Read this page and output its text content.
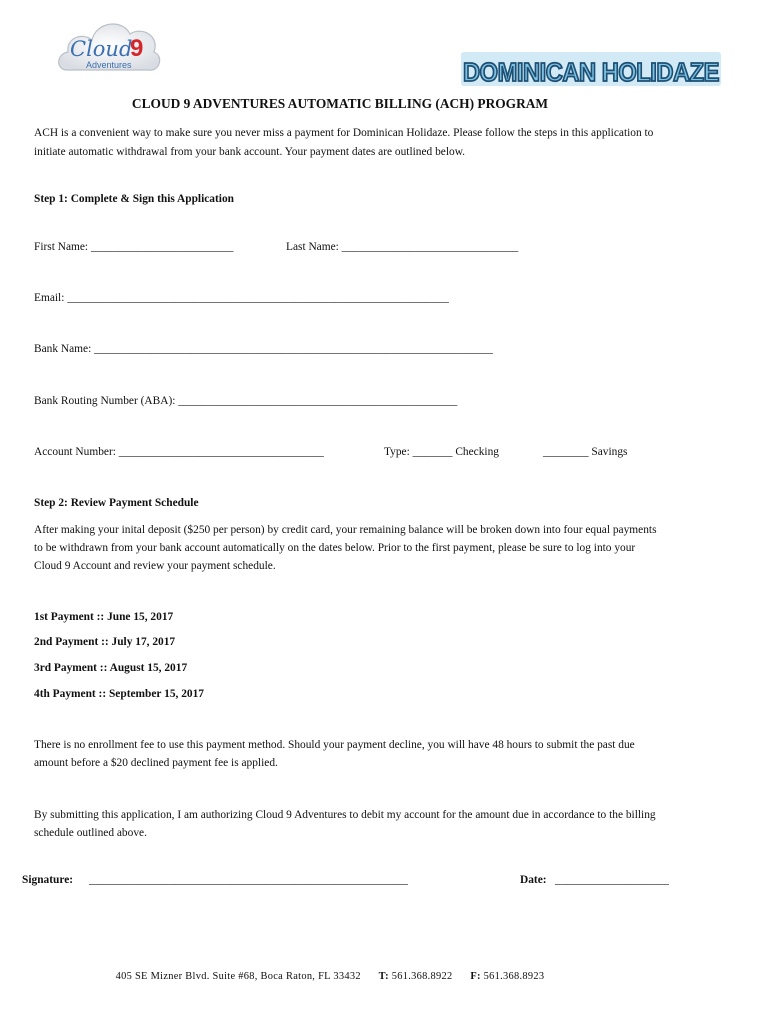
Cloud
9
Adventures	DOMINICAN HOLIDAZE
CLOUD 9 ADVENTURES AUTOMATIC BILLING (ACH) PROGRAM
ACH is a convenient way to make sure you never miss a payment for Dominican Holidaze. Please follow the steps in this application to
initiate automatic withdrawal from your bank account. Your payment dates are outlined below.
Step 1: Complete & Sign this Application
First Name: _________________________	Last Name: _______________________________
Email: ___________________________________________________________________
Bank Name: ______________________________________________________________________
Bank Routing Number (ABA): _________________________________________________
Account Number: ____________________________________	Type: _______ Checking	________ Savings
Step 2: Review Payment Schedule
After making your inital deposit ($250 per person) by credit card, your remaining balance will be broken down into four equal payments
to be withdrawn from your bank account automatically on the dates below. Prior to the first payment, please be sure to log into your
Cloud 9 Account and review your payment schedule.
1st Payment :: June 15, 2017
2nd Payment :: July 17, 2017
3rd Payment :: August 15, 2017
4th Payment :: September 15, 2017
There is no enrollment fee to use this payment method. Should your payment decline, you will have 48 hours to submit the past due
amount before a $20 declined payment fee is applied.
By submitting this application, I am authorizing Cloud 9 Adventures to debit my account for the amount due in accordance to the billing
schedule outlined above.
Signature: ________________________________________________________	Date: ____________________
405 SE Mizner Blvd. Suite #68, Boca Raton, FL 33432 T: 561.368.8922 F: 561.368.8923
